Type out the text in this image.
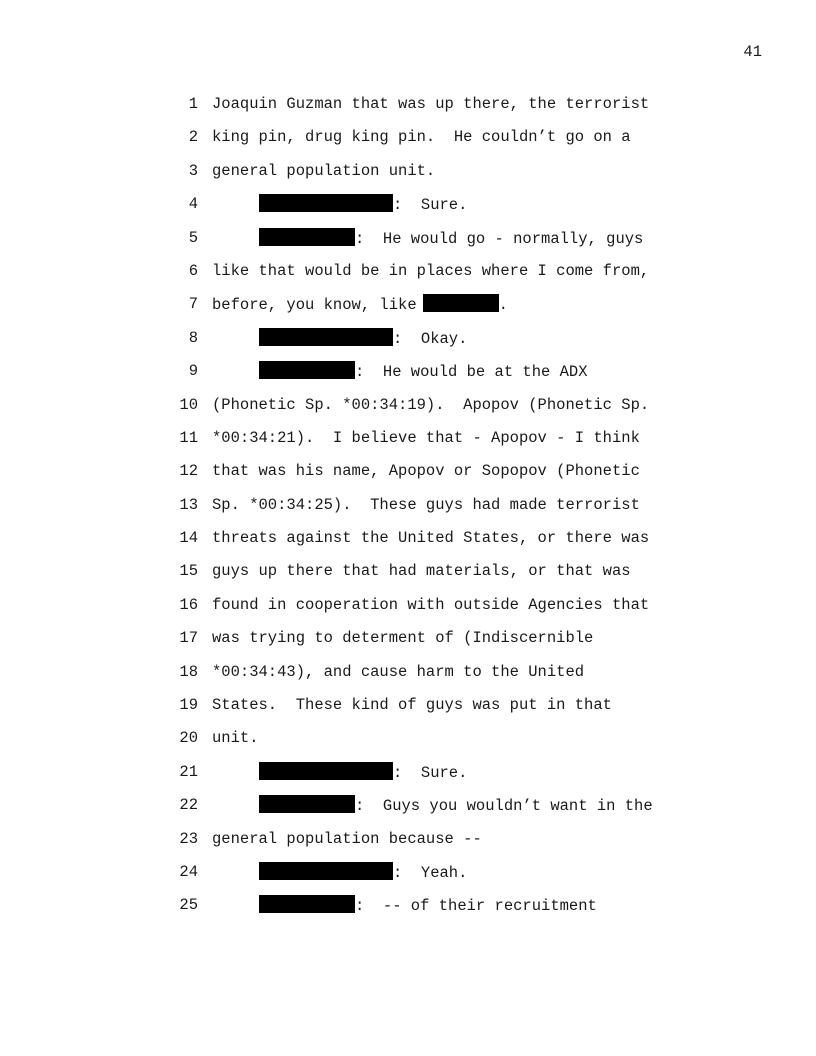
41
1
2
3
4
5
6
7
8
9
10
11
12
13
14
15
16
17
18
19
20
21
22
23
24
25
Joaquin Guzman that was up there, the terrorist
king pin, drug king pin.  He couldn’t go on a
general population unit.
:  Sure.
:  He would go - normally, guys
like that would be in places where I come from,
before, you know, like	.
:  Okay.
:  He would be at the ADX
(Phonetic Sp. *00:34:19).  Apopov (Phonetic Sp.
*00:34:21).  I believe that - Apopov - I think
that was his name, Apopov or Sopopov (Phonetic
Sp. *00:34:25).  These guys had made terrorist
threats against the United States, or there was
guys up there that had materials, or that was
found in cooperation with outside Agencies that
was trying to determent of (Indiscernible
*00:34:43), and cause harm to the United
States.  These kind of guys was put in that
unit.
:  Sure.
:  Guys you wouldn’t want in the
general population because --
:  Yeah.
:  -- of their recruitment
